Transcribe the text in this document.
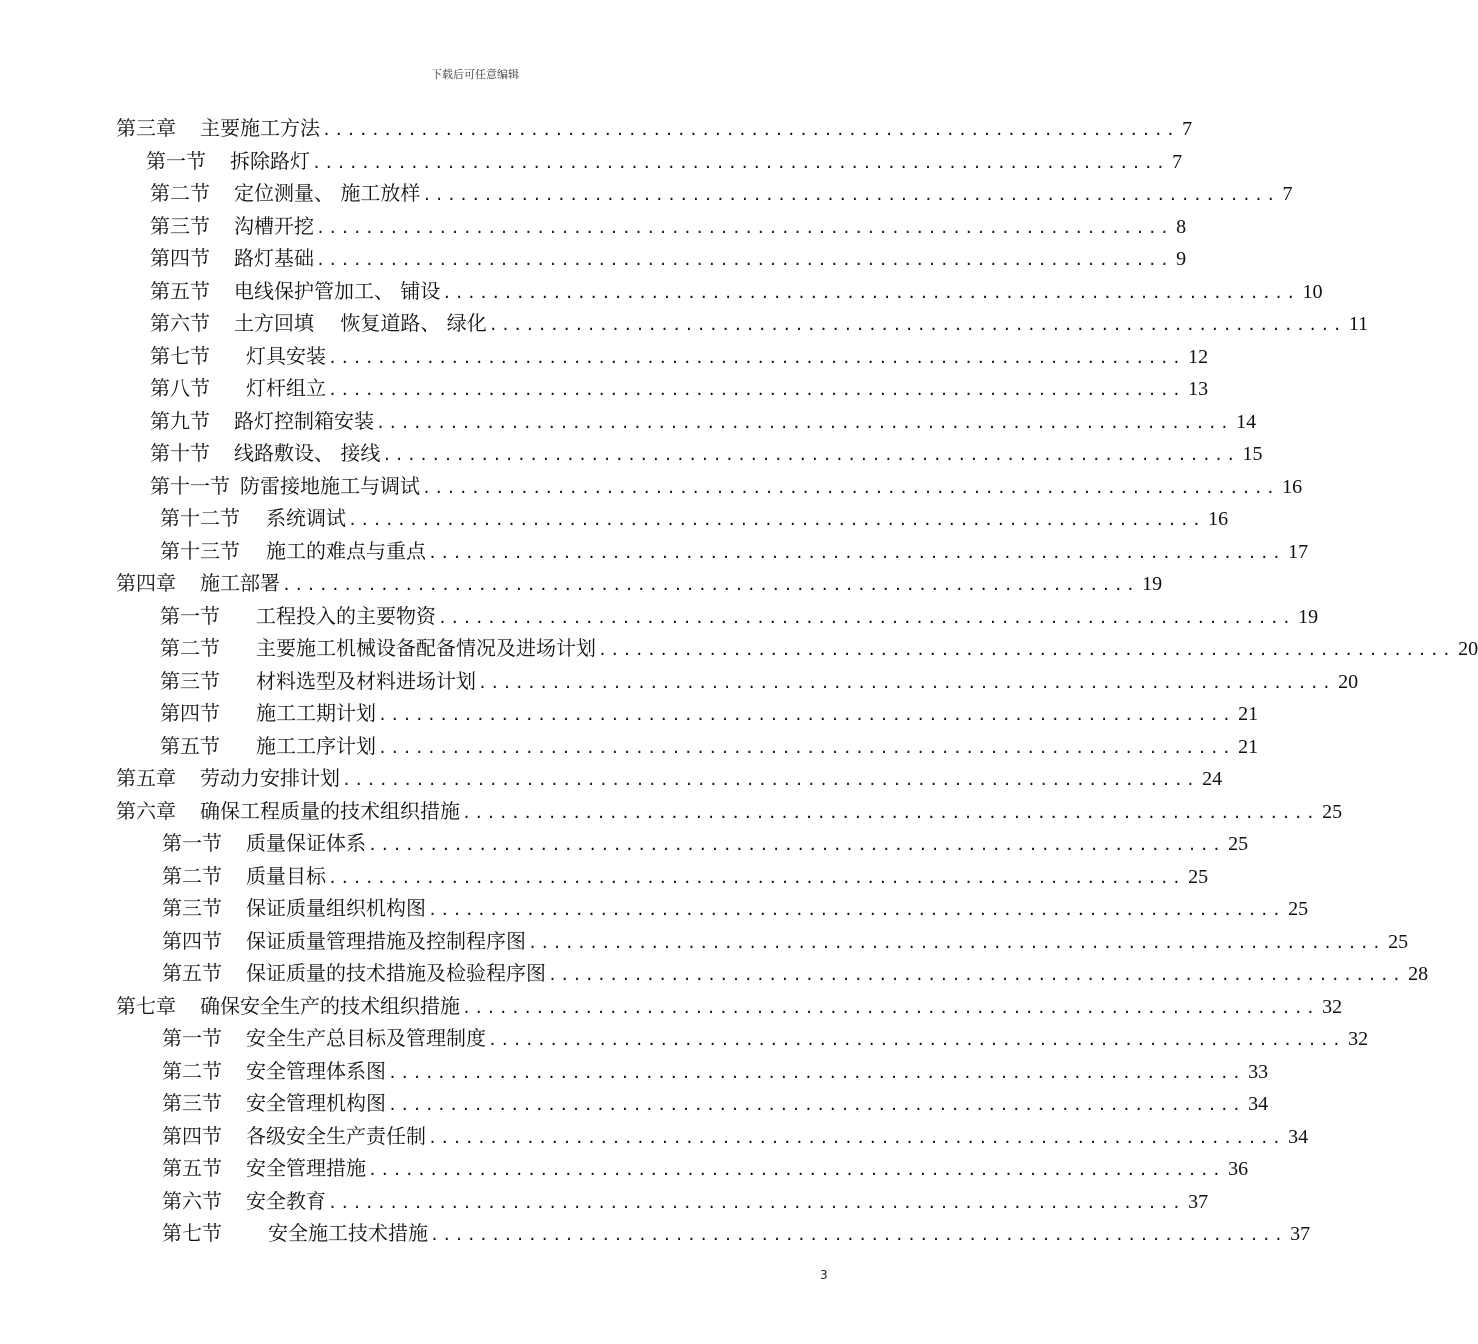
下载后可任意编辑
第三章 主要施工方法 ...................................................................... 7
第一节 拆除路灯 ...................................................................... 7
第二节 定位测量、 施工放样 ...................................................................... 7
第三节 沟槽开挖 ...................................................................... 8
第四节 路灯基础 ...................................................................... 9
第五节 电线保护管加工、 铺设 ...................................................................... 10
第六节 土方回填　 恢复道路、 绿化 ...................................................................... 11
第七节 灯具安装 ...................................................................... 12
第八节 灯杆组立 ...................................................................... 13
第九节 路灯控制箱安装 ...................................................................... 14
第十节 线路敷设、 接线 ...................................................................... 15
第十一节 防雷接地施工与调试 ...................................................................... 16
第十二节 系统调试 ...................................................................... 16
第十三节 施工的难点与重点 ...................................................................... 17
第四章 施工部署 ...................................................................... 19
第一节 工程投入的主要物资 ...................................................................... 19
第二节 主要施工机械设备配备情况及进场计划 ...................................................................... 20
第三节 材料选型及材料进场计划 ...................................................................... 20
第四节 施工工期计划 ...................................................................... 21
第五节 施工工序计划 ...................................................................... 21
第五章 劳动力安排计划 ...................................................................... 24
第六章 确保工程质量的技术组织措施 ...................................................................... 25
第一节 质量保证体系 ...................................................................... 25
第二节 质量目标 ...................................................................... 25
第三节 保证质量组织机构图 ...................................................................... 25
第四节 保证质量管理措施及控制程序图 ...................................................................... 25
第五节 保证质量的技术措施及检验程序图 ...................................................................... 28
第七章 确保安全生产的技术组织措施 ...................................................................... 32
第一节 安全生产总目标及管理制度 ...................................................................... 32
第二节 安全管理体系图 ...................................................................... 33
第三节 安全管理机构图 ...................................................................... 34
第四节 各级安全生产责任制 ...................................................................... 34
第五节 安全管理措施 ...................................................................... 36
第六节 安全教育 ...................................................................... 37
第七节 安全施工技术措施 ...................................................................... 37
3
